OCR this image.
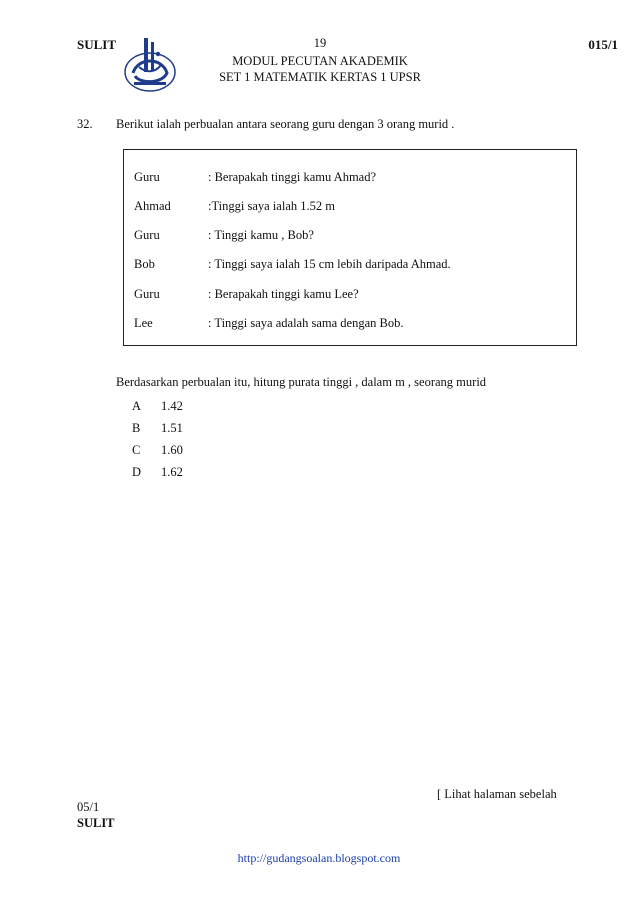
SULIT	19
MODUL PECUTAN AKADEMIK
SET 1 MATEMATIK KERTAS 1 UPSR
015/1
32. Berikut ialah perbualan antara seorang guru dengan 3 orang murid .
Guru	: Berapakah tinggi kamu Ahmad?
Ahmad	:Tinggi saya ialah 1.52 m
Guru	: Tinggi kamu , Bob?
Bob	: Tinggi saya ialah 15 cm lebih daripada Ahmad.
Guru	: Berapakah tinggi kamu Lee?
Lee	: Tinggi saya adalah sama dengan Bob.
Berdasarkan perbualan itu, hitung purata tinggi , dalam m , seorang murid
A 1.42
B 1.51
C 1.60
D 1.62
[ Lihat halaman sebelah
05/1
SULIT
http://gudangsoalan.blogspot.com
